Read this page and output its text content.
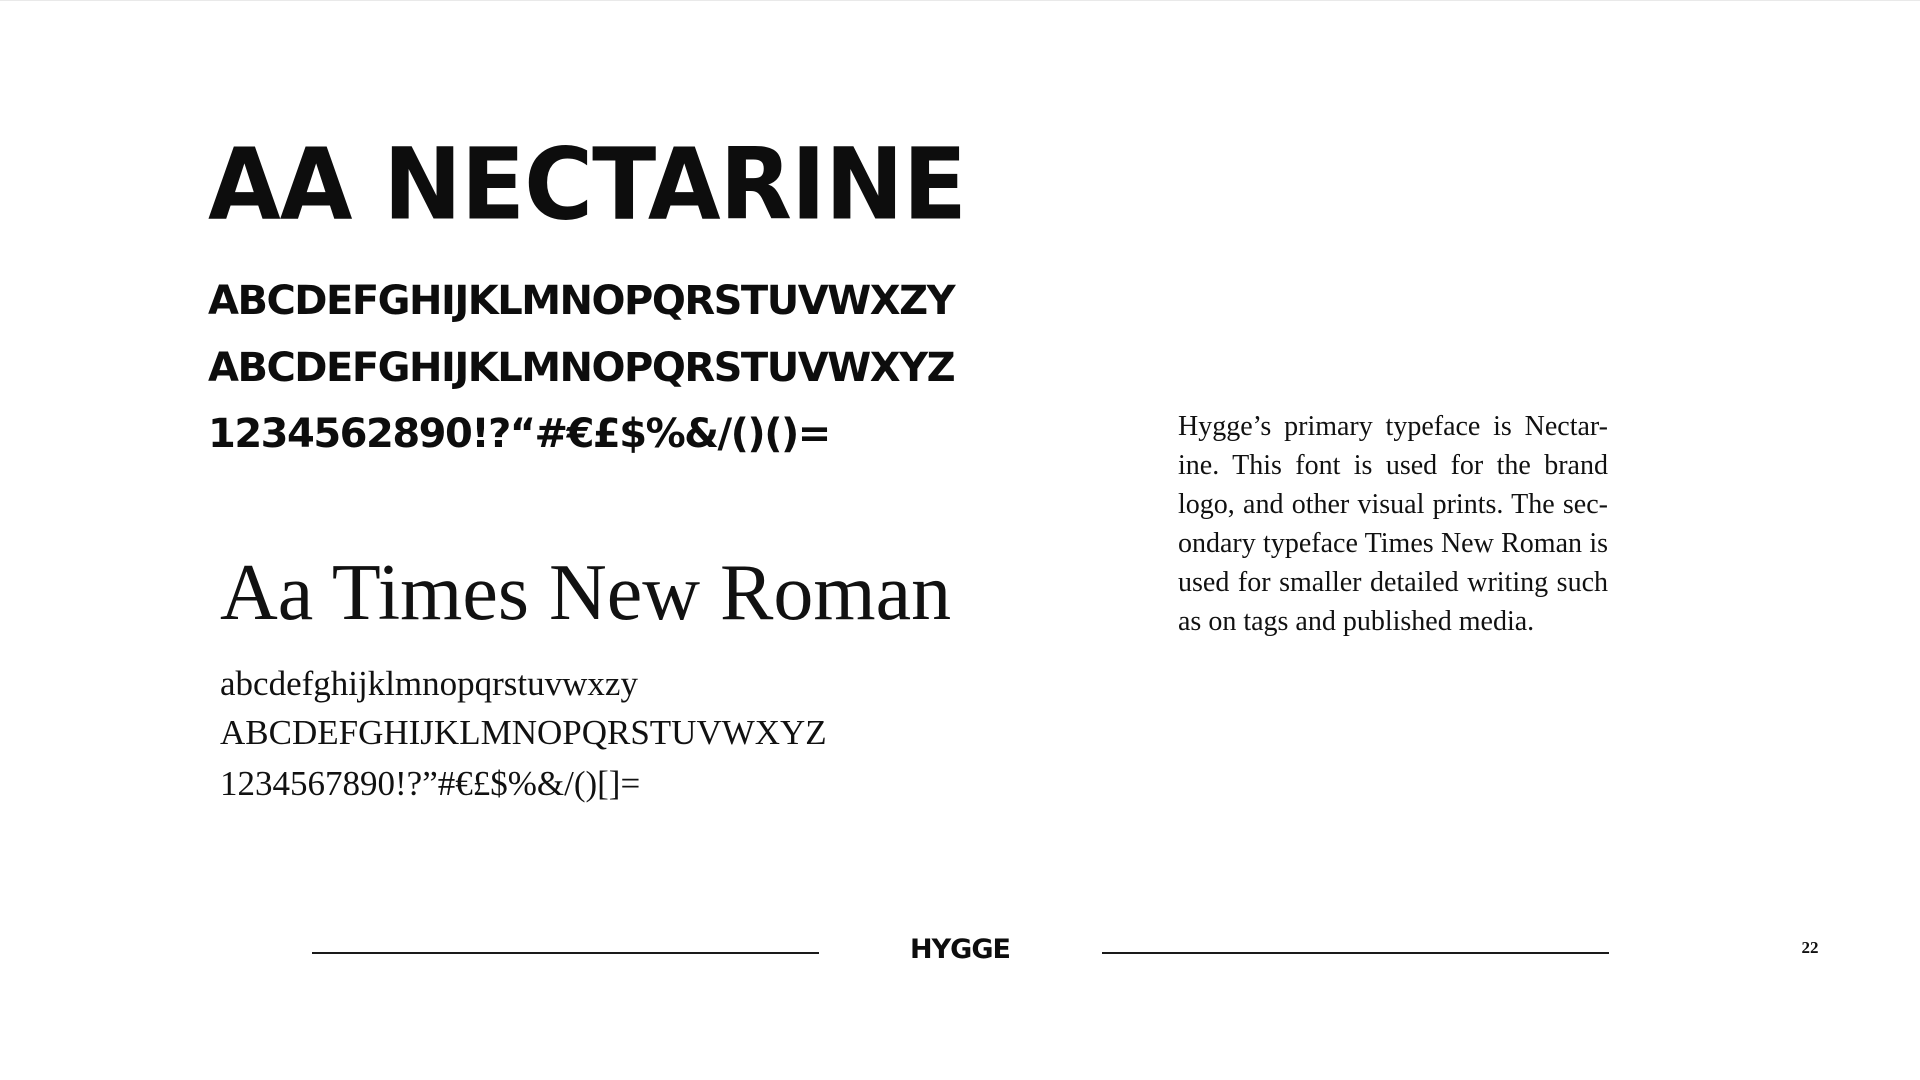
AA NECTARINE
ABCDEFGHIJKLMNOPQRSTUVWXZY
ABCDEFGHIJKLMNOPQRSTUVWXYZ
1234562890!?“#€£$%&/()()=
Aa Times New Roman
abcdefghijklmnopqrstuvwxzy
ABCDEFGHIJKLMNOPQRSTUVWXYZ
1234567890!?”#€£$%&/()[]=

Hygge’s primary typeface is Nectar-ine. This font is used for the brand logo, and other visual prints. The sec-ondary typeface Times New Roman is used for smaller detailed writing such as on tags and published media.

HYGGE	22
